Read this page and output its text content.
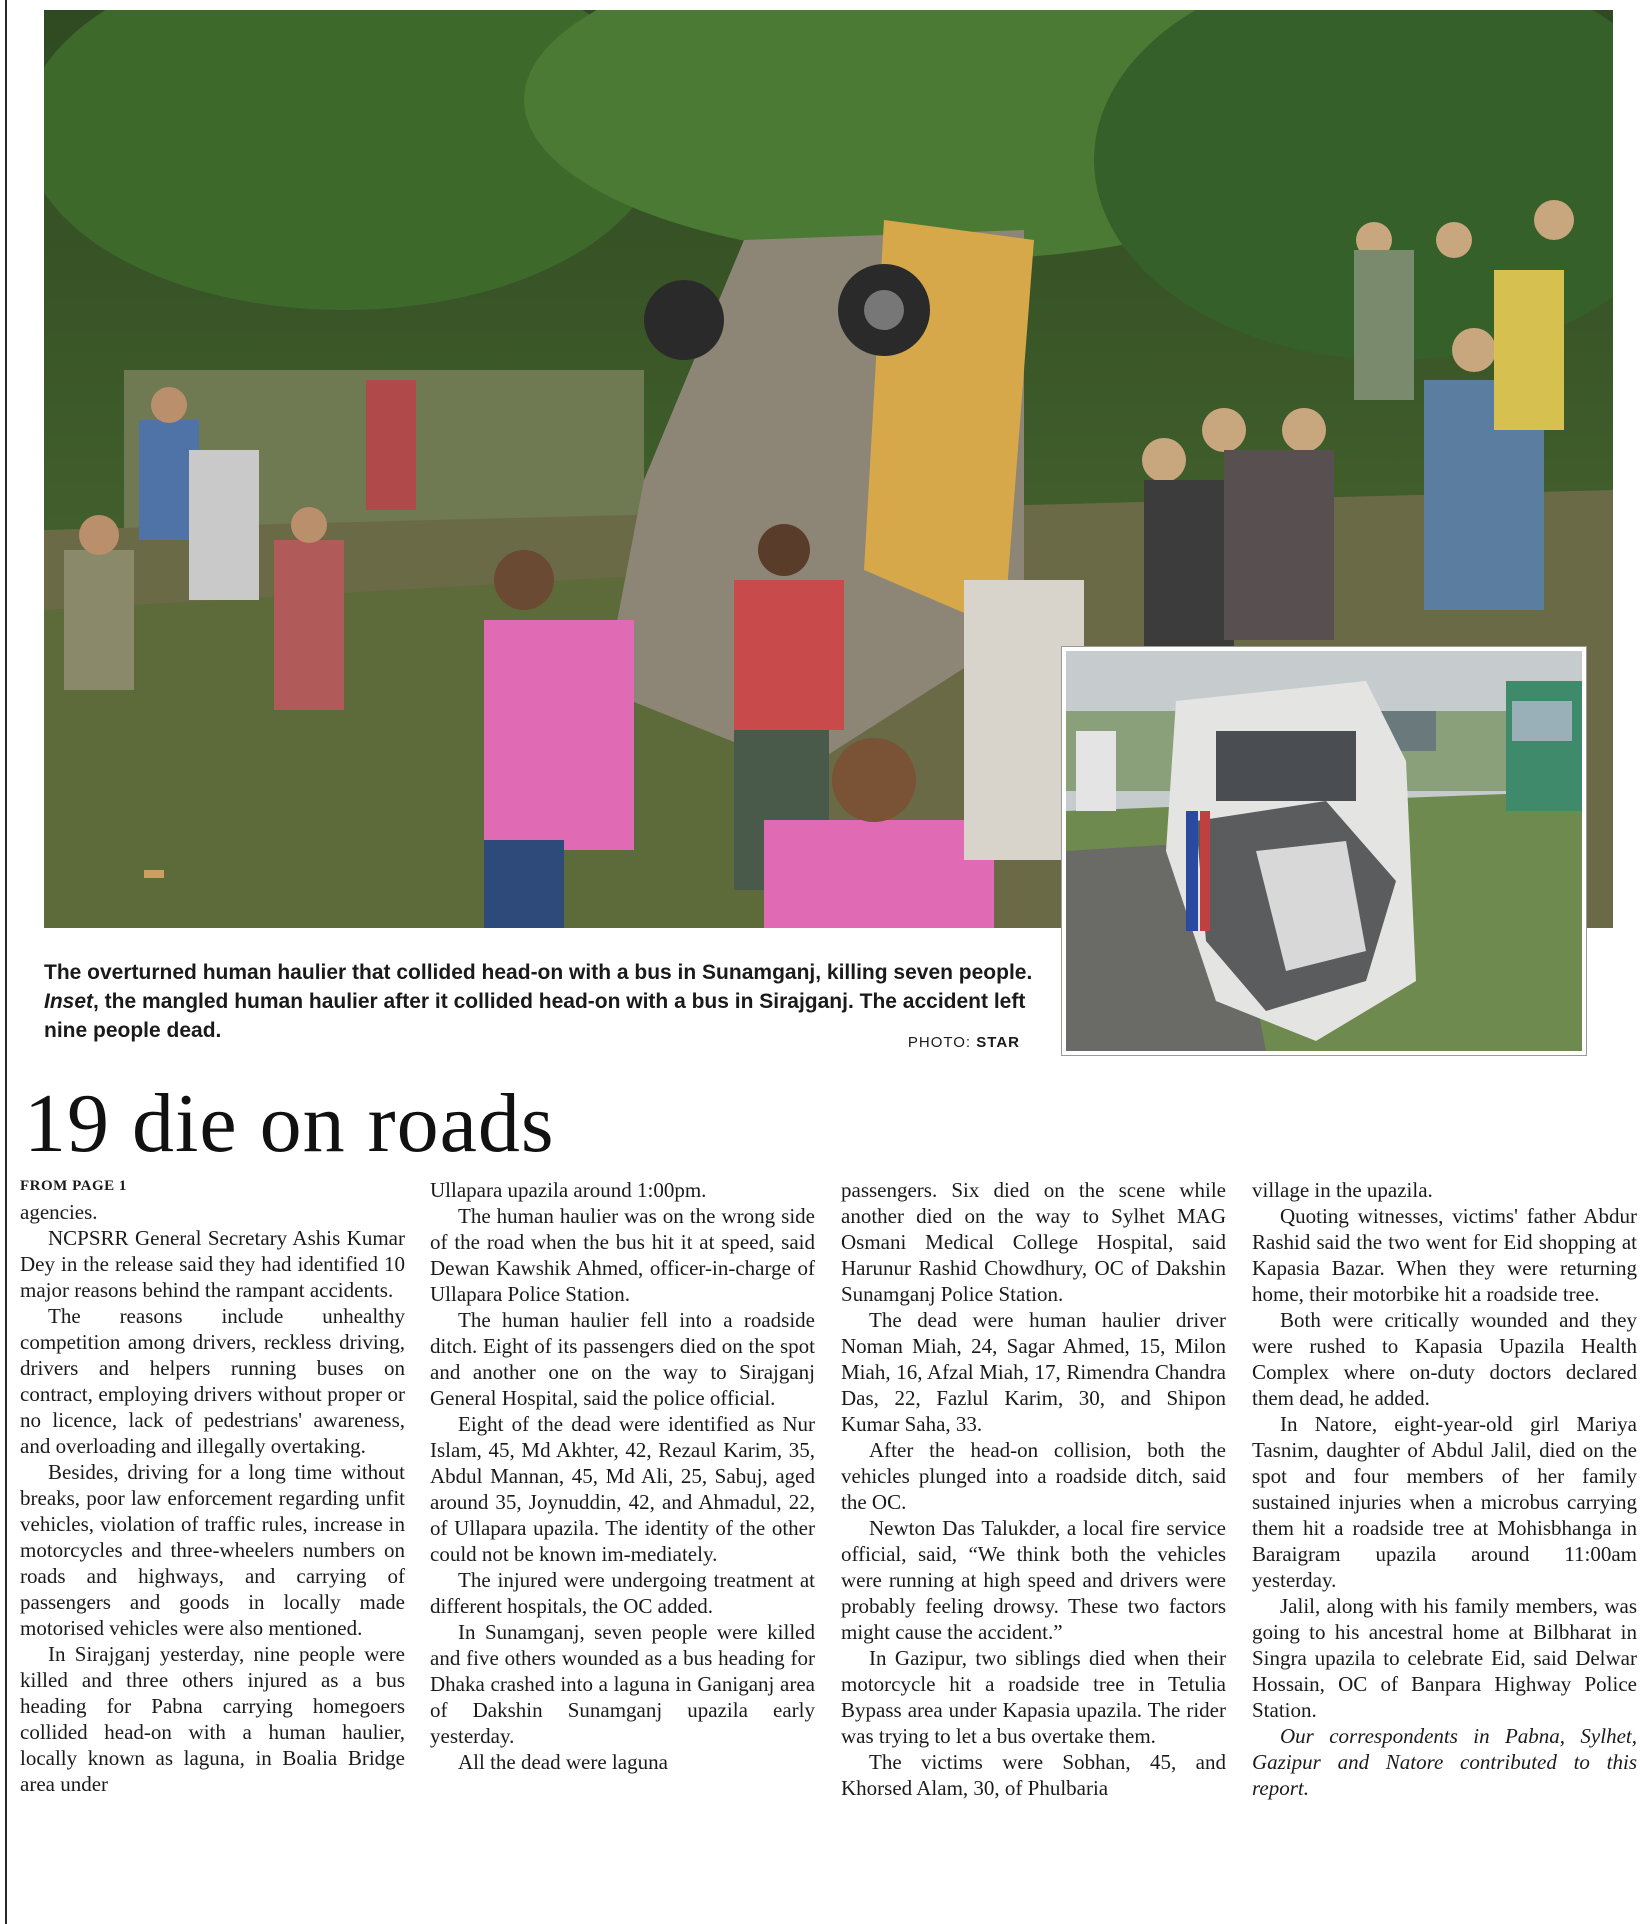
The overturned human haulier that collided head-on with a bus in Sunamganj, killing seven people. Inset, the mangled human haulier after it collided head-on with a bus in Sirajganj. The accident left nine people dead.
PHOTO: STAR
19 die on roads
FROM PAGE 1

agencies.

NCPSRR General Secretary Ashis Kumar Dey in the release said they had identified 10 major reasons behind the rampant accidents.

The reasons include unhealthy competition among drivers, reckless driving, drivers and helpers running buses on contract, employing drivers without proper or no licence, lack of pedestrians' awareness, and overloading and illegally overtaking.

Besides, driving for a long time without breaks, poor law enforcement regarding unfit vehicles, violation of traffic rules, increase in motorcycles and three-wheelers numbers on roads and highways, and carrying of passengers and goods in locally made motorised vehicles were also mentioned.

In Sirajganj yesterday, nine people were killed and three others injured as a bus heading for Pabna carrying homegoers collided head-on with a human haulier, locally known as laguna, in Boalia Bridge area under

Ullapara upazila around 1:00pm.

The human haulier was on the wrong side of the road when the bus hit it at speed, said Dewan Kawshik Ahmed, officer-in-charge of Ullapara Police Station.

The human haulier fell into a roadside ditch. Eight of its passengers died on the spot and another one on the way to Sirajganj General Hospital, said the police official.

Eight of the dead were identified as Nur Islam, 45, Md Akhter, 42, Rezaul Karim, 35, Abdul Mannan, 45, Md Ali, 25, Sabuj, aged around 35, Joynuddin, 42, and Ahmadul, 22, of Ullapara upazila. The identity of the other could not be known im-mediately.

The injured were undergoing treatment at different hospitals, the OC added.

In Sunamganj, seven people were killed and five others wounded as a bus heading for Dhaka crashed into a laguna in Ganiganj area of Dakshin Sunamganj upazila early yesterday.

All the dead were laguna

passengers. Six died on the scene while another died on the way to Sylhet MAG Osmani Medical College Hospital, said Harunur Rashid Chowdhury, OC of Dakshin Sunamganj Police Station.

The dead were human haulier driver Noman Miah, 24, Sagar Ahmed, 15, Milon Miah, 16, Afzal Miah, 17, Rimendra Chandra Das, 22, Fazlul Karim, 30, and Shipon Kumar Saha, 33.

After the head-on collision, both the vehicles plunged into a roadside ditch, said the OC.

Newton Das Talukder, a local fire service official, said, “We think both the vehicles were running at high speed and drivers were probably feeling drowsy. These two factors might cause the accident.”

In Gazipur, two siblings died when their motorcycle hit a roadside tree in Tetulia Bypass area under Kapasia upazila. The rider was trying to let a bus overtake them.

The victims were Sobhan, 45, and Khorsed Alam, 30, of Phulbaria

village in the upazila.

Quoting witnesses, victims' father Abdur Rashid said the two went for Eid shopping at Kapasia Bazar. When they were returning home, their motorbike hit a roadside tree.

Both were critically wounded and they were rushed to Kapasia Upazila Health Complex where on-duty doctors declared them dead, he added.

In Natore, eight-year-old girl Mariya Tasnim, daughter of Abdul Jalil, died on the spot and four members of her family sustained injuries when a microbus carrying them hit a roadside tree at Mohisbhanga in Baraigram upazila around 11:00am yesterday.

Jalil, along with his family members, was going to his ancestral home at Bilbharat in Singra upazila to celebrate Eid, said Delwar Hossain, OC of Banpara Highway Police Station.

Our correspondents in Pabna, Sylhet, Gazipur and Natore contributed to this report.
